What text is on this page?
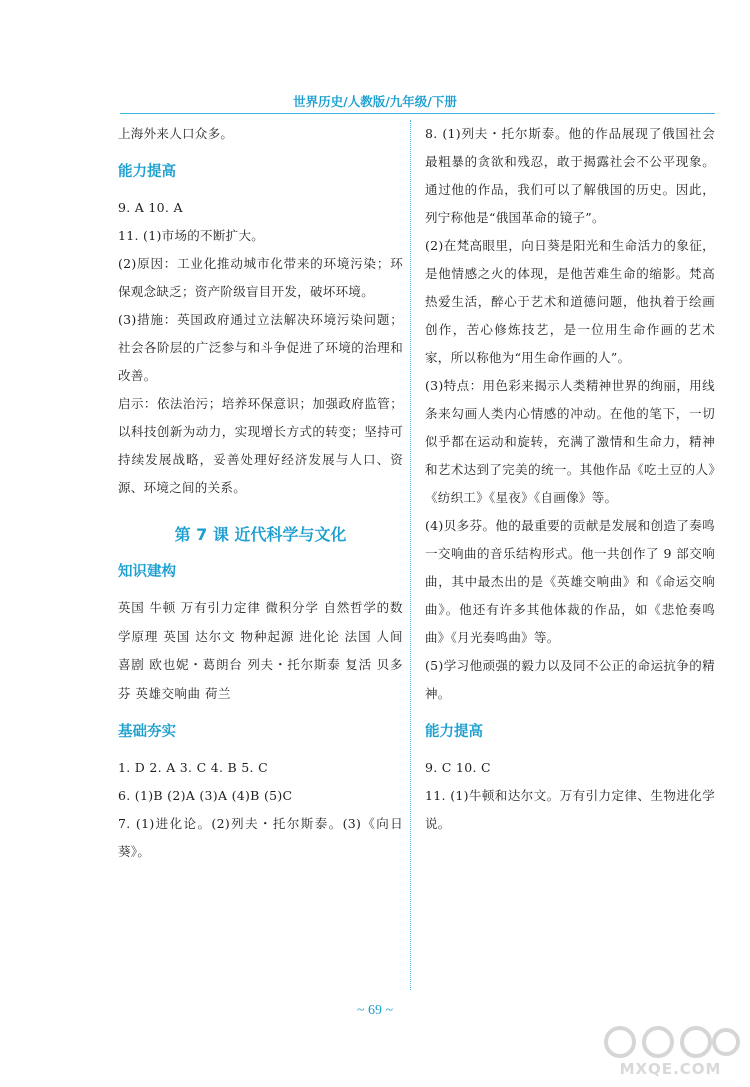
世界历史/人教版/九年级/下册

上海外来人口众多。

能力提高

9. A 10. A

11. (1)市场的不断扩大。

(2)原因：工业化推动城市化带来的环境污染；环保观念缺乏；资产阶级盲目开发，破坏环境。

(3)措施：英国政府通过立法解决环境污染问题；社会各阶层的广泛参与和斗争促进了环境的治理和改善。

启示：依法治污；培养环保意识；加强政府监管；以科技创新为动力，实现增长方式的转变；坚持可持续发展战略，妥善处理好经济发展与人口、资源、环境之间的关系。

第 7 课 近代科学与文化
知识建构

英国 牛顿 万有引力定律 微积分学 自然哲学的数学原理 英国 达尔文 物种起源 进化论 法国 人间喜剧 欧也妮・葛朗台 列夫・托尔斯泰 复活 贝多芬 英雄交响曲 荷兰

基础夯实

1. D 2. A 3. C 4. B 5. C

6. (1)B (2)A (3)A (4)B (5)C

7. (1)进化论。(2)列夫・托尔斯泰。(3)《向日葵》。

8. (1)列夫・托尔斯泰。他的作品展现了俄国社会最粗暴的贪欲和残忍，敢于揭露社会不公平现象。通过他的作品，我们可以了解俄国的历史。因此，列宁称他是“俄国革命的镜子”。

(2)在梵高眼里，向日葵是阳光和生命活力的象征，是他情感之火的体现，是他苦难生命的缩影。梵高热爱生活，醉心于艺术和道德问题，他执着于绘画创作，苦心修炼技艺，是一位用生命作画的艺术家，所以称他为“用生命作画的人”。

(3)特点：用色彩来揭示人类精神世界的绚丽，用线条来勾画人类内心情感的冲动。在他的笔下，一切似乎都在运动和旋转，充满了激情和生命力，精神和艺术达到了完美的统一。其他作品《吃土豆的人》《纺织工》《星夜》《自画像》等。

(4)贝多芬。他的最重要的贡献是发展和创造了奏鸣一交响曲的音乐结构形式。他一共创作了 9 部交响曲，其中最杰出的是《英雄交响曲》和《命运交响曲》。他还有许多其他体裁的作品，如《悲怆奏鸣曲》《月光奏鸣曲》等。

(5)学习他顽强的毅力以及同不公正的命运抗争的精神。

能力提高

9. C 10. C

11. (1)牛顿和达尔文。万有引力定律、生物进化学说。

~ 69 ~
MXQE.COM
